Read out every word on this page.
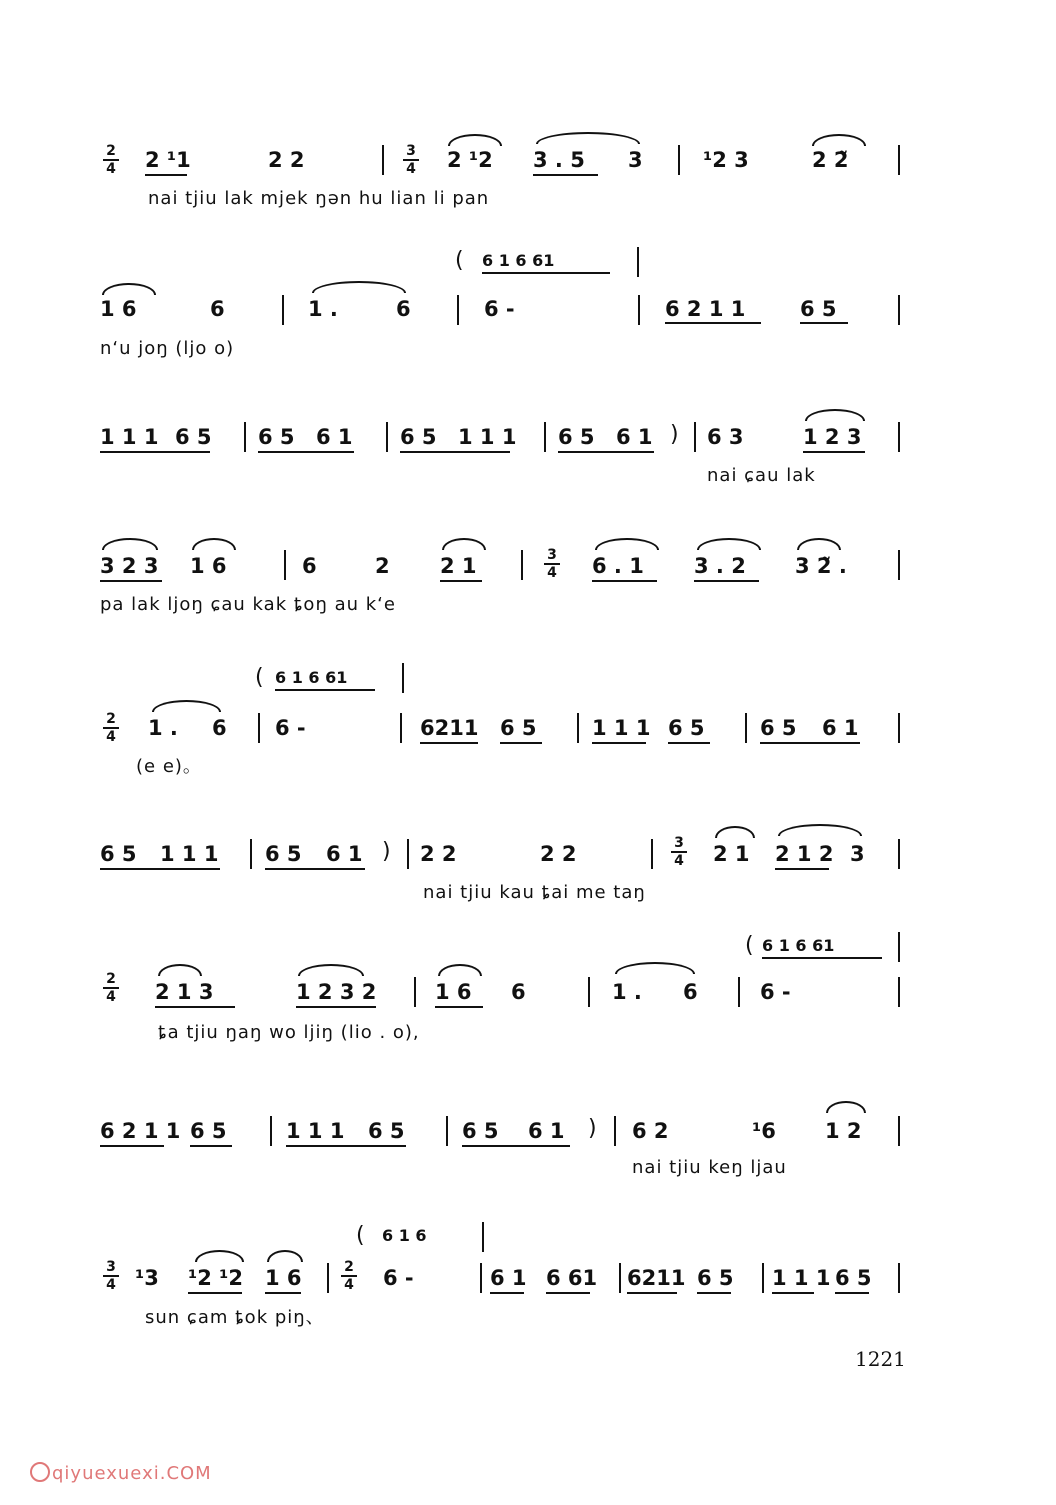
2
4 2 ¹1	2 2	2 ¹2 3 . 5 3	¹2 3	2 2̃
3
4
nai tjiu lak mjek ŋən hu lian li pan
( 6 1 6 61
1 6	6	1 .	6	6 -	6 2 1 1	6 5
n‘u joŋ (ljo o)
1 1 1 6 5 6 5 6 1 6 5 1 1 1 6 5 6 1	6 3	1 2 3
)
nai ɕau lak
3 2 3 1 6	6	2 2 1	6 . 1 3 . 2 3 2̃ .
3
4
pa lak ljoŋ ɕau kak ȶoŋ au k‘e
( 6 1 6 61
2
4 1 . 6 6 -	6211 6 5	1 1 1 6 5	6 5 6 1
(e e)。
6 5 1 1 1 6 5 6 1	2 2	2 2	2 1 2 1 2 3
)	3
4
nai tjiu kau ȶai me taŋ
( 6 1 6 61
2
4 2 1 3	1 2 3 2	1 6 6	1 . 6	6 -
ȶa tjiu ŋaŋ wo ljiŋ (lio . o),
6 2 1 1 6 5	1 1 1 6 5	6 5 6 1	6 2	¹6 1 2
)
nai tjiu keŋ ljau
( 6 1 6
3
4 ¹3 ¹2 ¹2 1 6	6 -	6 1 6 61 6211 6 5 1 1 1 6 5
2
4
sun ɕam ȶok piŋ、
1221
qiyuexuexi.COM
